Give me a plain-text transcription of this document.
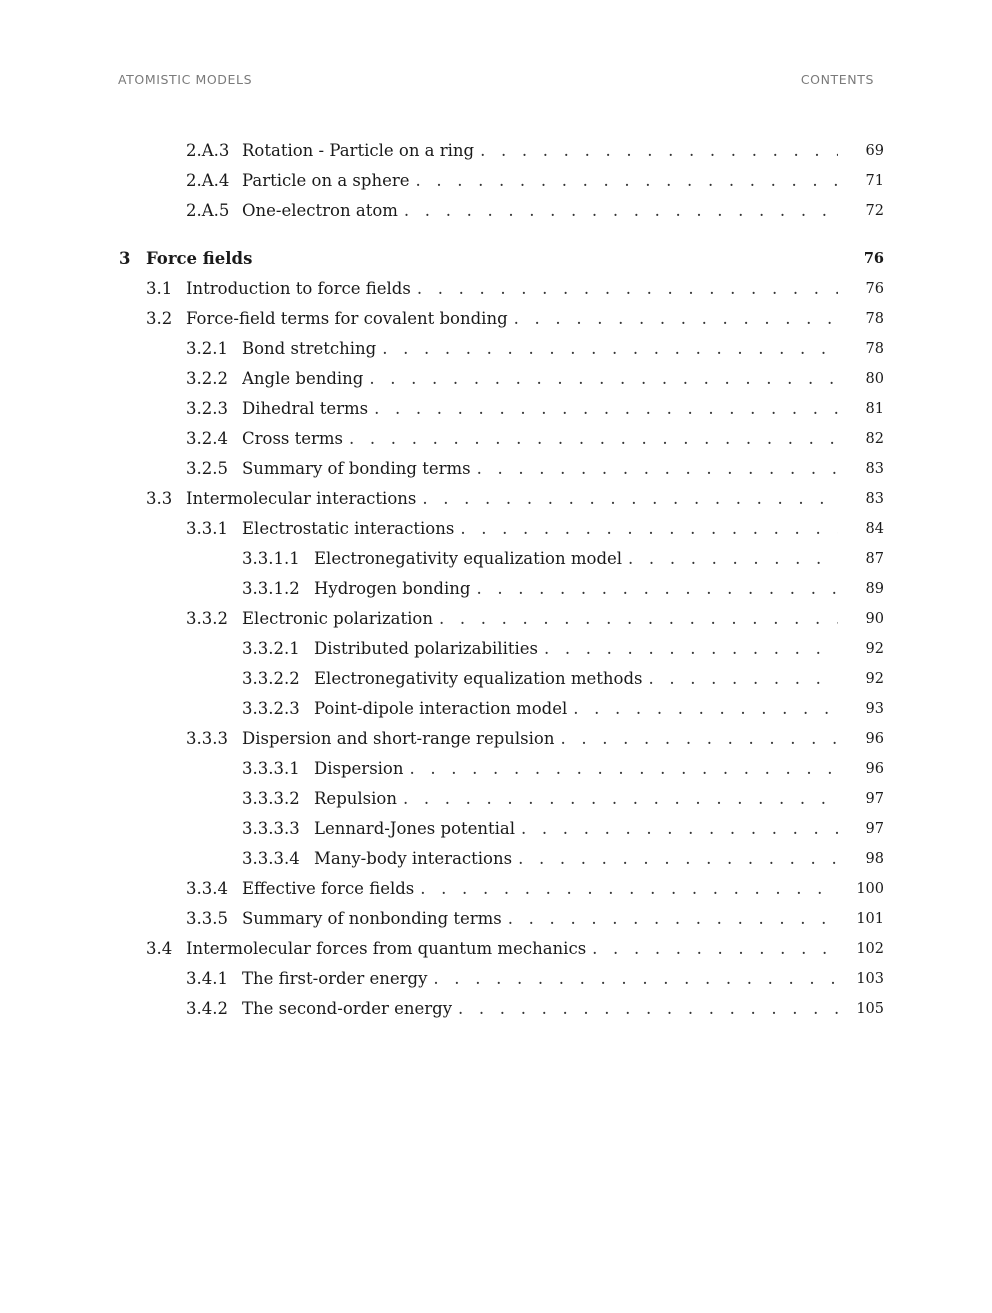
ATOMISTIC MODELS	CONTENTS
2.A.3 Rotation - Particle on a ring . . .	69
2.A.4 Particle on a sphere . . .	71
2.A.5 One-electron atom . . .	72
3 Force fields	76
3.1 Introduction to force fields . . .	76
3.2 Force-field terms for covalent bonding . . .	78
3.2.1 Bond stretching . . .	78
3.2.2 Angle bending . . .	80
3.2.3 Dihedral terms . . .	81
3.2.4 Cross terms . . .	82
3.2.5 Summary of bonding terms . . .	83
3.3 Intermolecular interactions . . .	83
3.3.1 Electrostatic interactions . . .	84
3.3.1.1 Electronegativity equalization model . . .	87
3.3.1.2 Hydrogen bonding . . .	89
3.3.2 Electronic polarization . . .	90
3.3.2.1 Distributed polarizabilities . . .	92
3.3.2.2 Electronegativity equalization methods . . .	92
3.3.2.3 Point-dipole interaction model . . .	93
3.3.3 Dispersion and short-range repulsion . . .	96
3.3.3.1 Dispersion . . .	96
3.3.3.2 Repulsion . . .	97
3.3.3.3 Lennard-Jones potential . . .	97
3.3.3.4 Many-body interactions . . .	98
3.3.4 Effective force fields . . .	100
3.3.5 Summary of nonbonding terms . . .	101
3.4 Intermolecular forces from quantum mechanics . . .	102
3.4.1 The first-order energy . . .	103
3.4.2 The second-order energy . . .	105
